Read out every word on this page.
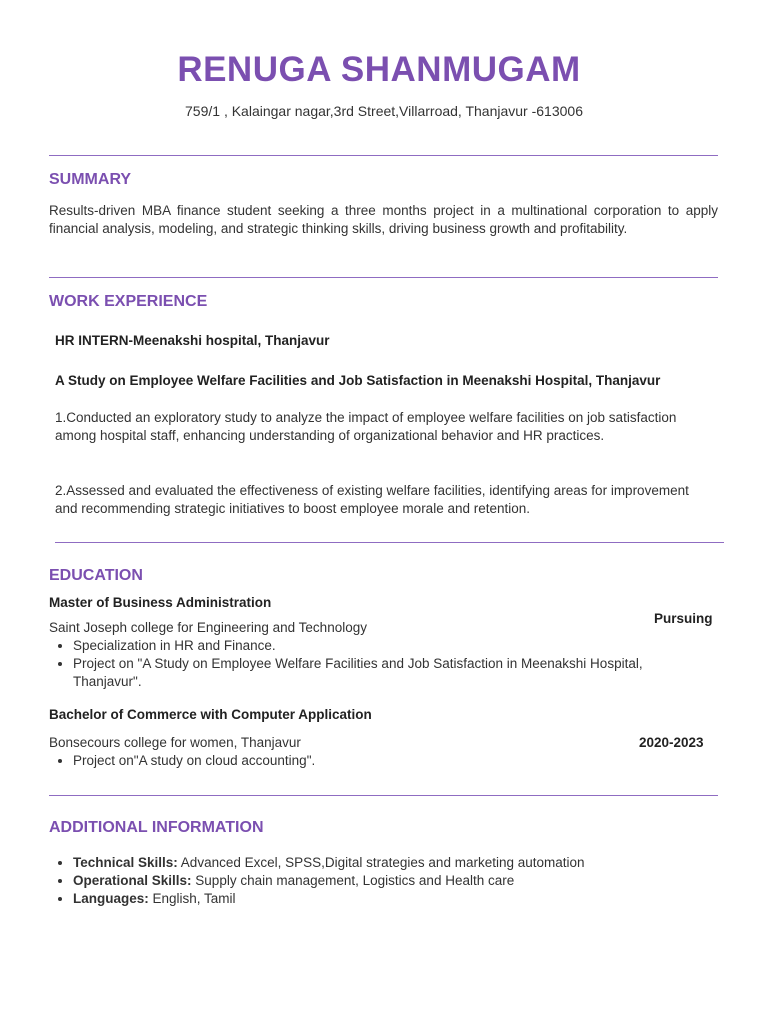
RENUGA SHANMUGAM
759/1 , Kalaingar nagar,3rd Street,Villarroad, Thanjavur -613006
SUMMARY
Results-driven MBA finance student seeking a three months project in a multinational corporation to apply financial analysis, modeling, and strategic thinking skills, driving business growth and profitability.
WORK EXPERIENCE
HR INTERN-Meenakshi hospital, Thanjavur
A Study on Employee Welfare Facilities and Job Satisfaction in Meenakshi Hospital, Thanjavur
1.Conducted an exploratory study to analyze the impact of employee welfare facilities on job satisfaction among hospital staff, enhancing understanding of organizational behavior and HR practices.
2.Assessed and evaluated the effectiveness of existing welfare facilities, identifying areas for improvement and recommending strategic initiatives to boost employee morale and retention.
EDUCATION
Master of Business Administration
Pursuing
Saint Joseph college for Engineering and Technology
• Specialization in HR and Finance.
• Project on "A Study on Employee Welfare Facilities and Job Satisfaction in Meenakshi Hospital, Thanjavur".
Bachelor of Commerce with Computer Application
2020-2023
Bonsecours college for women, Thanjavur
• Project on"A study on cloud accounting".
ADDITIONAL INFORMATION
• Technical Skills: Advanced Excel, SPSS,Digital strategies and marketing automation
• Operational Skills: Supply chain management, Logistics and Health care
• Languages: English, Tamil
